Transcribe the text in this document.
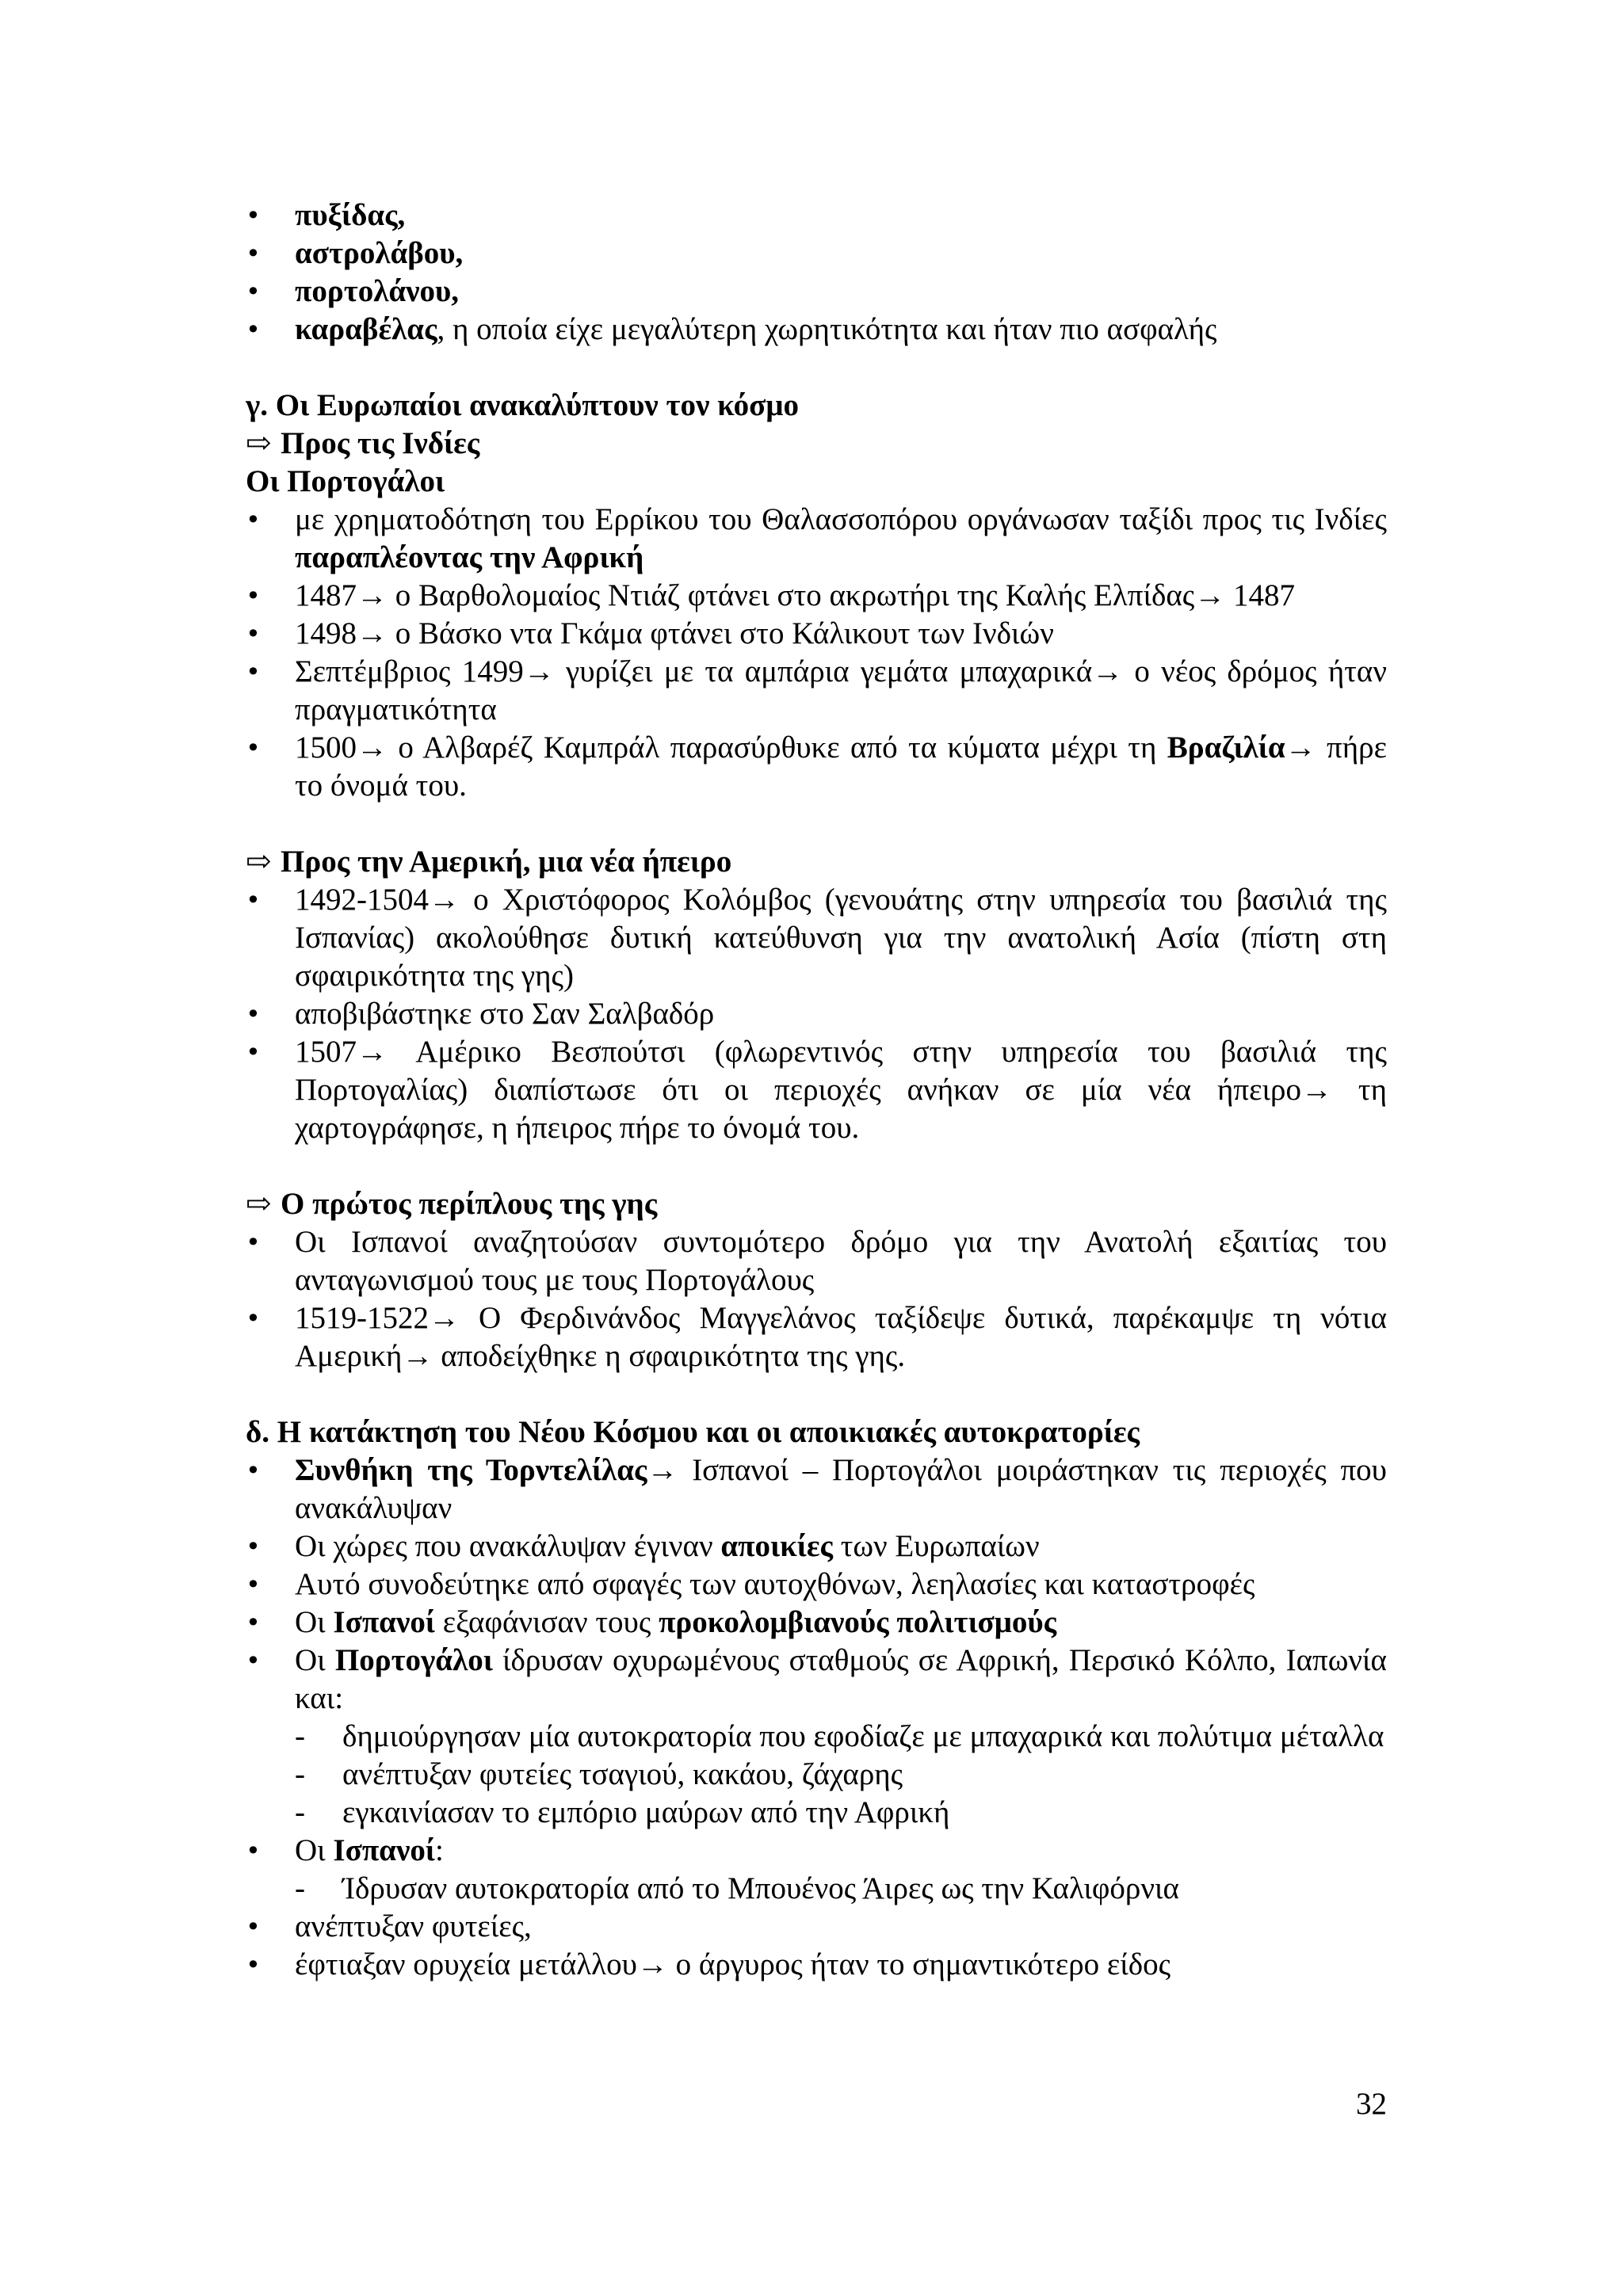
• πυξίδας,
• αστρολάβου,
• πορτολάνου,
• καραβέλας, η οποία είχε μεγαλύτερη χωρητικότητα και ήταν πιο ασφαλής
γ. Οι Ευρωπαίοι ανακαλύπτουν τον κόσμο
⇨ Προς τις Ινδίες
Οι Πορτογάλοι
• με χρηματοδότηση του Ερρίκου του Θαλασσοπόρου οργάνωσαν ταξίδι προς τις Ινδίες παραπλέοντας την Αφρική
• 1487→ ο Βαρθολομαίος Ντιάζ φτάνει στο ακρωτήρι της Καλής Ελπίδας→ 1487
• 1498→ ο Βάσκο ντα Γκάμα φτάνει στο Κάλικουτ των Ινδιών
• Σεπτέμβριος 1499→ γυρίζει με τα αμπάρια γεμάτα μπαχαρικά→ ο νέος δρόμος ήταν πραγματικότητα
• 1500→ ο Αλβαρέζ Καμπράλ παρασύρθυκε από τα κύματα μέχρι τη Βραζιλία→ πήρε το όνομά του.
⇨ Προς την Αμερική, μια νέα ήπειρο
• 1492-1504→ ο Χριστόφορος Κολόμβος (γενουάτης στην υπηρεσία του βασιλιά της Ισπανίας) ακολούθησε δυτική κατεύθυνση για την ανατολική Ασία (πίστη στη σφαιρικότητα της γης)
• αποβιβάστηκε στο Σαν Σαλβαδόρ
• 1507→ Αμέρικο Βεσπούτσι (φλωρεντινός στην υπηρεσία του βασιλιά της Πορτογαλίας) διαπίστωσε ότι οι περιοχές ανήκαν σε μία νέα ήπειρο→ τη χαρτογράφησε, η ήπειρος πήρε το όνομά του.
⇨ Ο πρώτος περίπλους της γης
• Οι Ισπανοί αναζητούσαν συντομότερο δρόμο για την Ανατολή εξαιτίας του ανταγωνισμού τους με τους Πορτογάλους
• 1519-1522→ Ο Φερδινάνδος Μαγγελάνος ταξίδεψε δυτικά, παρέκαμψε τη νότια Αμερική→ αποδείχθηκε η σφαιρικότητα της γης.
δ. Η κατάκτηση του Νέου Κόσμου και οι αποικιακές αυτοκρατορίες
• Συνθήκη της Τορντελίλας→ Ισπανοί – Πορτογάλοι μοιράστηκαν τις περιοχές που ανακάλυψαν
• Οι χώρες που ανακάλυψαν έγιναν αποικίες των Ευρωπαίων
• Αυτό συνοδεύτηκε από σφαγές των αυτοχθόνων, λεηλασίες και καταστροφές
• Οι Ισπανοί εξαφάνισαν τους προκολομβιανούς πολιτισμούς
• Οι Πορτογάλοι ίδρυσαν οχυρωμένους σταθμούς σε Αφρική, Περσικό Κόλπο, Ιαπωνία και:
- δημιούργησαν μία αυτοκρατορία που εφοδίαζε με μπαχαρικά και πολύτιμα μέταλλα
- ανέπτυξαν φυτείες τσαγιού, κακάου, ζάχαρης
- εγκαινίασαν το εμπόριο μαύρων από την Αφρική
• Οι Ισπανοί:
- Ίδρυσαν αυτοκρατορία από το Μπουένος Άιρες ως την Καλιφόρνια
• ανέπτυξαν φυτείες,
• έφτιαξαν ορυχεία μετάλλου→ ο άργυρος ήταν το σημαντικότερο είδος
32
